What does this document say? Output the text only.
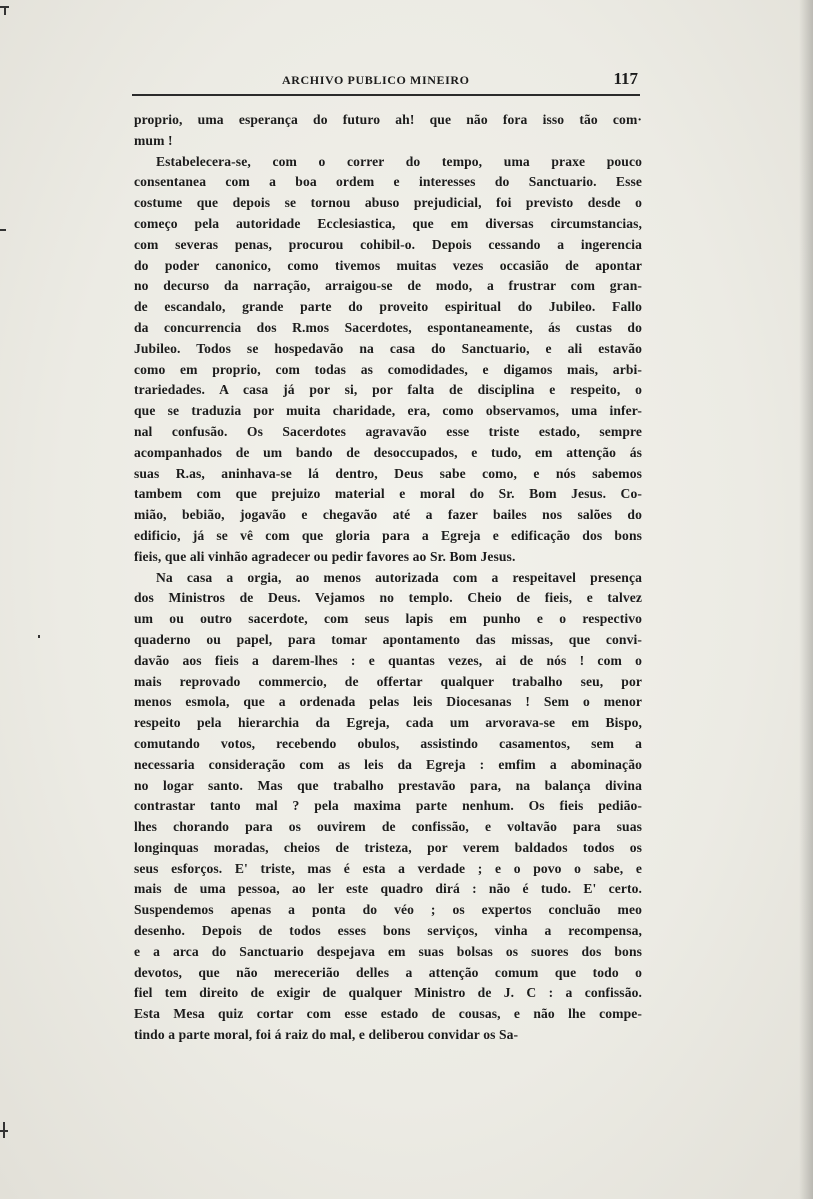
ARCHIVO PUBLICO MINEIRO	117
proprio, uma esperança do futuro ah! que não fora isso tão com·
mum !
Estabelecera-se, com o correr do tempo, uma praxe pouco
consentanea com a boa ordem e interesses do Sanctuario. Esse
costume que depois se tornou abuso prejudicial, foi previsto desde o
começo pela autoridade Ecclesiastica, que em diversas circumstancias,
com severas penas, procurou cohibil-o. Depois cessando a ingerencia
do poder canonico, como tivemos muitas vezes occasião de apontar
no decurso da narração, arraigou-se de modo, a frustrar com gran-
de escandalo, grande parte do proveito espiritual do Jubileo. Fallo
da concurrencia dos R.mos Sacerdotes, espontaneamente, ás custas do
Jubileo. Todos se hospedavão na casa do Sanctuario, e ali estavão
como em proprio, com todas as comodidades, e digamos mais, arbi-
trariedades. A casa já por si, por falta de disciplina e respeito, o
que se traduzia por muita charidade, era, como observamos, uma infer-
nal confusão. Os Sacerdotes agravavão esse triste estado, sempre
acompanhados de um bando de desoccupados, e tudo, em attenção ás
suas R.as, aninhava-se lá dentro, Deus sabe como, e nós sabemos
tambem com que prejuizo material e moral do Sr. Bom Jesus. Co-
mião, bebião, jogavão e chegavão até a fazer bailes nos salões do
edificio, já se vê com que gloria para a Egreja e edificação dos bons
fieis, que ali vinhão agradecer ou pedir favores ao Sr. Bom Jesus.
Na casa a orgia, ao menos autorizada com a respeitavel presença
dos Ministros de Deus. Vejamos no templo. Cheio de fieis, e talvez
um ou outro sacerdote, com seus lapis em punho e o respectivo
quaderno ou papel, para tomar apontamento das missas, que convi-
davão aos fieis a darem-lhes : e quantas vezes, ai de nós ! com o
mais reprovado commercio, de offertar qualquer trabalho seu, por
menos esmola, que a ordenada pelas leis Diocesanas ! Sem o menor
respeito pela hierarchia da Egreja, cada um arvorava-se em Bispo,
comutando votos, recebendo obulos, assistindo casamentos, sem a
necessaria consideração com as leis da Egreja : emfim a abominação
no logar santo. Mas que trabalho prestavão para, na balança divina
contrastar tanto mal ? pela maxima parte nenhum. Os fieis pedião-
lhes chorando para os ouvirem de confissão, e voltavão para suas
longinquas moradas, cheios de tristeza, por verem baldados todos os
seus esforços. E' triste, mas é esta a verdade ; e o povo o sabe, e
mais de uma pessoa, ao ler este quadro dirá : não é tudo. E' certo.
Suspendemos apenas a ponta do véo ; os expertos concluão meo
desenho. Depois de todos esses bons serviços, vinha a recompensa,
e a arca do Sanctuario despejava em suas bolsas os suores dos bons
devotos, que não merecerião delles a attenção comum que todo o
fiel tem direito de exigir de qualquer Ministro de J. C : a confissão.
Esta Mesa quiz cortar com esse estado de cousas, e não lhe compe-
tindo a parte moral, foi á raiz do mal, e deliberou convidar os Sa-
